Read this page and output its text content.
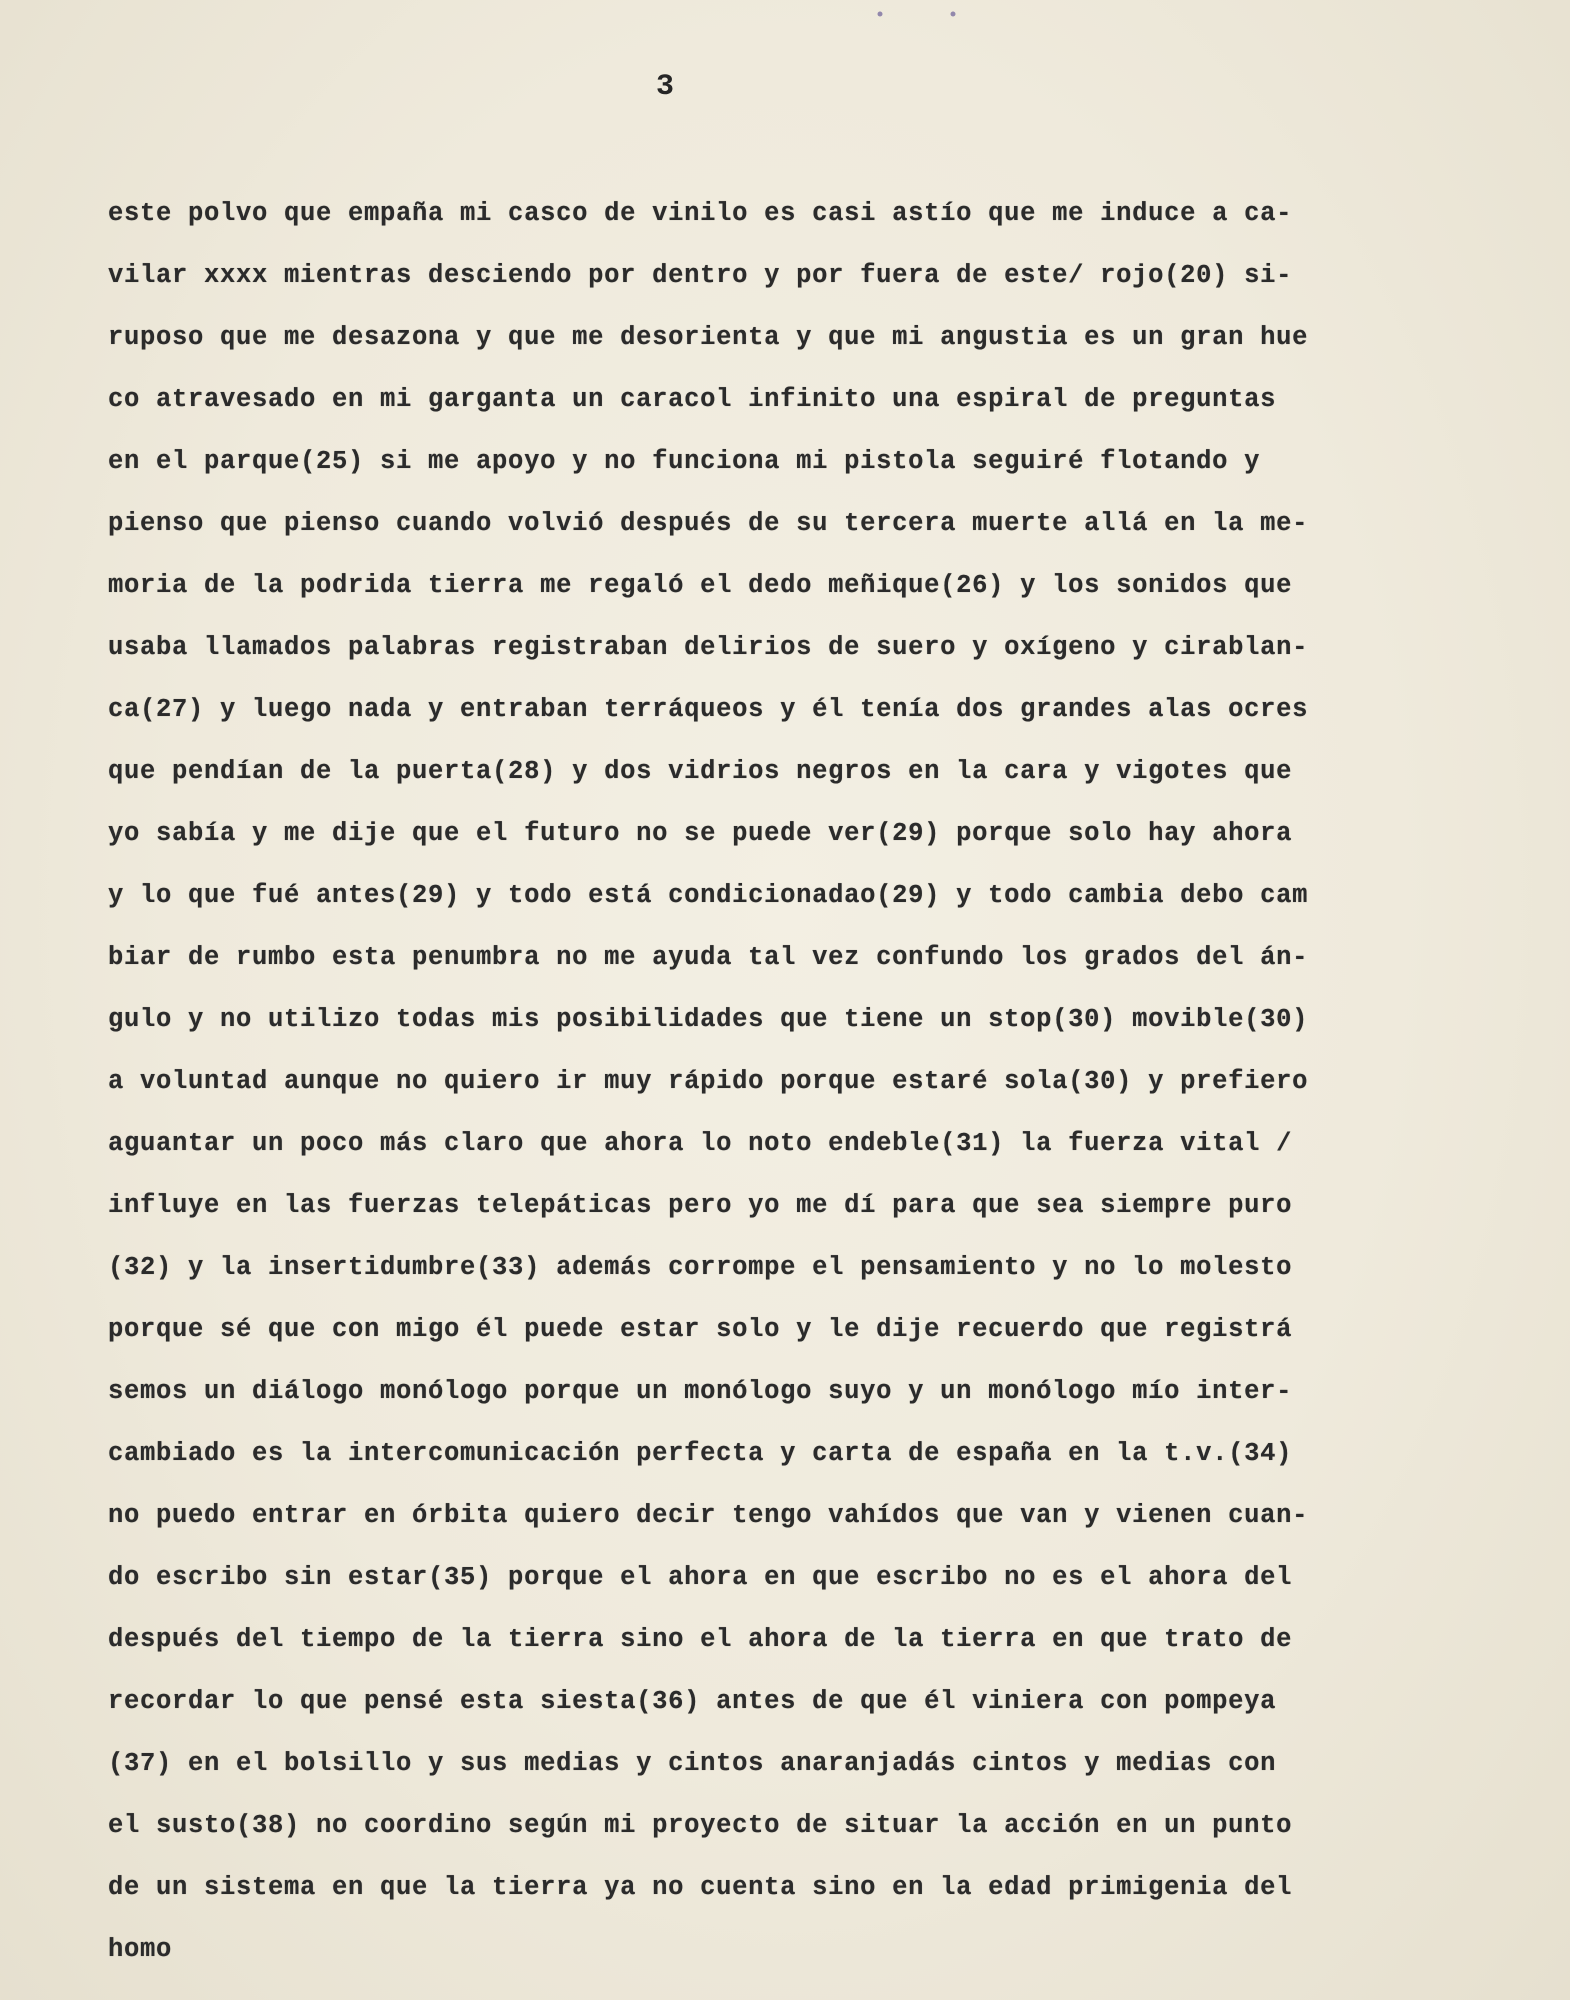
3

este polvo que empaña mi casco de vinilo es casi astío que me induce a ca-
vilar xxxx mientras desciendo por dentro y por fuera de este/ rojo(20) si-
ruposo que me desazona y que me desorienta y que mi angustia es un gran hue
co atravesado en mi garganta un caracol infinito una espiral de preguntas
en el parque(25) si me apoyo y no funciona mi pistola seguiré flotando y
pienso que pienso cuando volvió después de su tercera muerte allá en la me-
moria de la podrida tierra me regaló el dedo meñique(26) y los sonidos que
usaba llamados palabras registraban delirios de suero y oxígeno y cirablan-
ca(27) y luego nada y entraban terráqueos y él tenía dos grandes alas ocres
que pendían de la puerta(28) y dos vidrios negros en la cara y vigotes que
yo sabía y me dije que el futuro no se puede ver(29) porque solo hay ahora
y lo que fué antes(29) y todo está condicionadao(29) y todo cambia debo cam
biar de rumbo esta penumbra no me ayuda tal vez confundo los grados del án-
gulo y no utilizo todas mis posibilidades que tiene un stop(30) movible(30)
a voluntad aunque no quiero ir muy rápido porque estaré sola(30) y prefiero
aguantar un poco más claro que ahora lo noto endeble(31) la fuerza vital /
influye en las fuerzas telepáticas pero yo me dí para que sea siempre puro
(32) y la insertidumbre(33) además corrompe el pensamiento y no lo molesto
porque sé que con migo él puede estar solo y le dije recuerdo que registrá
semos un diálogo monólogo porque un monólogo suyo y un monólogo mío inter-
cambiado es la intercomunicación perfecta y carta de españa en la t.v.(34)
no puedo entrar en órbita quiero decir tengo vahídos que van y vienen cuan-
do escribo sin estar(35) porque el ahora en que escribo no es el ahora del
después del tiempo de la tierra sino el ahora de la tierra en que trato de
recordar lo que pensé esta siesta(36) antes de que él viniera con pompeya
(37) en el bolsillo y sus medias y cintos anaranjadás cintos y medias con
el susto(38) no coordino según mi proyecto de situar la acción en un punto
de un sistema en que la tierra ya no cuenta sino en la edad primigenia del
homo
